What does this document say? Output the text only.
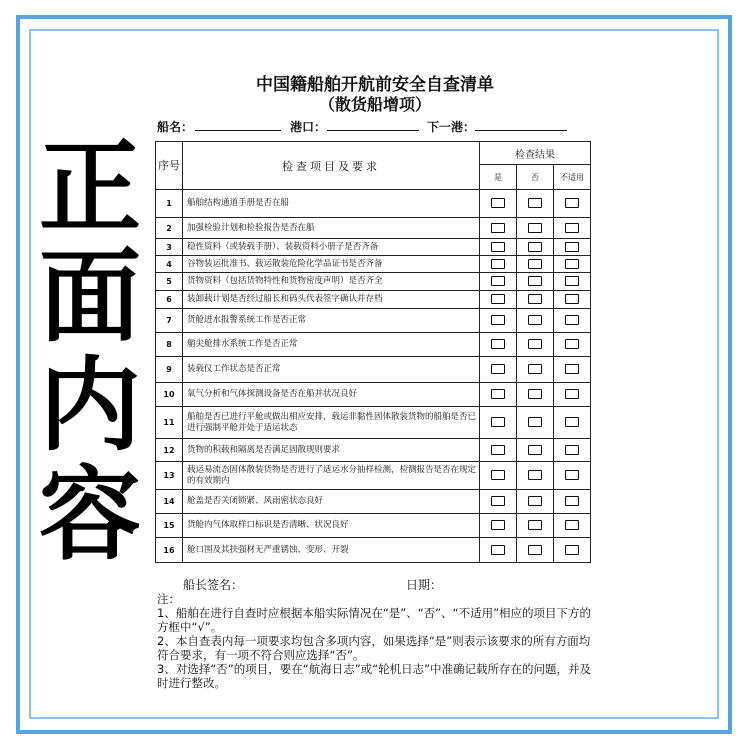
中国籍船舶开航前安全自查清单
（散货船增项）
船名：	港口：	下一港：
序号	检查项目及要求	检查结果		
		是	否	不适用
1	船舶结构通道手册是否在船			
2	加强检验计划和检验报告是否在船			
3	稳性资料（或装载手册）、装载资料小册子是否齐备			
4	谷物装运批准书、载运散装危险化学品证书是否齐备			
5	货物资料（包括货物特性和货物密度声明）是否齐全			
6	装卸载计划是否经过船长和码头代表签字确认并存档			
7	货舱进水报警系统工作是否正常			
8	艏尖舱排水系统工作是否正常			
9	装载仪工作状态是否正常			
10	氧气分析和气体探测设备是否在船并状况良好			
11	船舶是否已进行平舱或做出相应安排，载运非黏性固体散装货物的船舶是否已进行强制平舱并处于适运状态			
12	货物的积载和隔离是否满足固散规则要求			
13	载运易流态固体散装货物是否进行了适运水分抽样检测，检测报告是否在规定的有效期内			
14	舱盖是否关闭锁紧、风雨密状态良好			
15	货舱内气体取样口标识是否清晰、状况良好			
16	舱口围及其扶强材无严重锈蚀、变形、开裂			
船长签名：	日期：
注：
1、船舶在进行自查时应根据本船实际情况在“是”、“否”、“不适用”相应的项目下方的方框中“√”。
2、本自查表内每一项要求均包含多项内容，如果选择“是”则表示该要求的所有方面均符合要求，有一项不符合则应选择“否”。
3、对选择“否”的项目，要在“航海日志”或“轮机日志”中准确记载所存在的问题，并及时进行整改。
正
面
内
容
